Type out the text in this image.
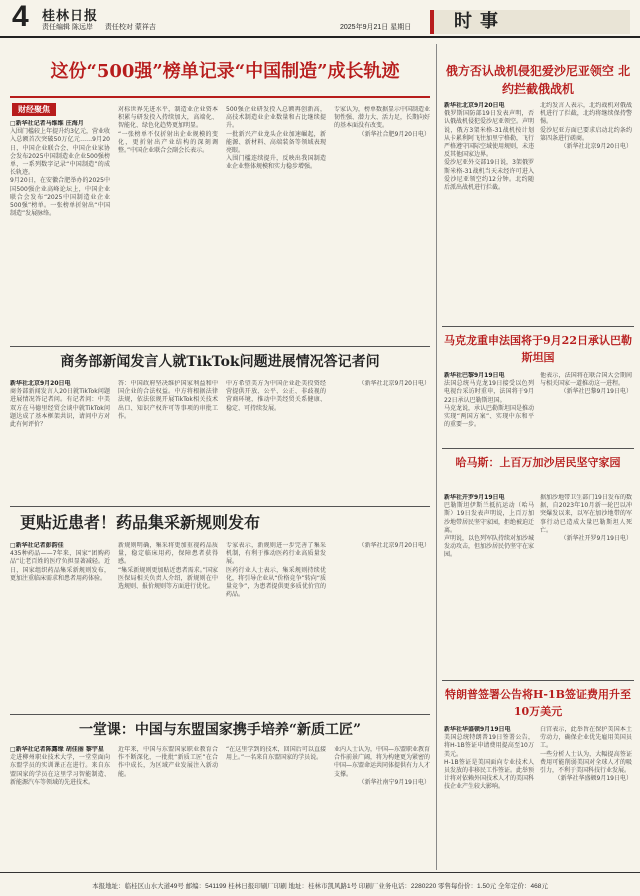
4 桂林日报
责任编辑 陈远岸 责任校对 蒙祥吉	2025年9月21日 星期日	时事
这份“500强”榜单记录“中国制造”成长轨迹
财经聚焦
□新华社记者马维维 庄海月

入围门槛较上年提升约3亿元，营业收入总额首次突破50万亿元……9月20日，中国企业联合会、中国企业家协会发布2025中国制造业企业500强榜单，一系列数字记录“中国制造”的成长轨迹。

9月20日，在安徽合肥举办的2025中国500强企业高峰论坛上，中国企业联合会发布“2025中国制造业企业500强”榜单。一张榜单折射出“中国制造”发展脉络。

对标世界先进水平，制造业企业资本积累与研发投入持续加大，高端化、智能化、绿色化趋势更加明显。

“一张榜单不仅折射出企业规模的变化，更折射出产业结构的深刻调整。”中国企业联合会副会长表示。

500强企业研发投入总额再创新高，高技术制造业企业数量和占比继续提升。

一批新兴产业龙头企业加速崛起，新能源、新材料、高端装备等领域表现亮眼。

入围门槛连续提升，反映出我国制造业企业整体规模和实力稳步增强。

专家认为，榜单数据显示中国制造业韧性强、潜力大、活力足，长期向好的基本面没有改变。

（新华社合肥9月20日电）

俄方否认战机侵犯爱沙尼亚领空 北约拦截俄战机
新华社北京9月20日电

俄罗斯国防部19日发表声明，否认俄战机侵犯爱沙尼亚领空。声明说，俄方3架米格-31战机按计划从卡累利阿飞往加里宁格勒，飞行严格遵守国际空域使用规则，未违反其他国家边界。

爱沙尼亚外交部19日说，3架俄罗斯米格-31战机当天未经许可进入爱沙尼亚领空约12分钟。北约随后派出战机进行拦截。

北约发言人表示，北约战机对俄战机进行了拦截，北约将继续保持警惕。

爱沙尼亚方面已要求启动北约条约第四条进行磋商。

（新华社北京9月20日电）

马克龙重申法国将于9月22日承认巴勒斯坦国
新华社巴黎9月19日电

法国总统马克龙19日接受以色列电视台采访时重申，法国将于9月22日承认巴勒斯坦国。

马克龙说，承认巴勒斯坦国是推动实现“两国方案”、实现中东和平的重要一步。

他表示，法国将在联合国大会期间与相关国家一道推动这一进程。

（新华社巴黎9月19日电）

哈马斯：上百万加沙居民坚守家园
新华社开罗9月19日电

巴勒斯坦伊斯兰抵抗运动（哈马斯）19日发表声明说，上百万加沙地带居民坚守家园，拒绝被迫迁离。

声明说，以色列军队持续对加沙城发动攻击，但加沙居民仍坚守在家园。

据加沙地带卫生部门19日发布的数据，自2023年10月新一轮巴以冲突爆发以来，以军在加沙地带的军事行动已造成大量巴勒斯坦人死亡。

（新华社开罗9月19日电）

特朗普签署公告将H-1B签证费用升至10万美元
新华社华盛顿9月19日电

美国总统特朗普19日签署公告，将H-1B签证申请费用提高至10万美元。

H-1B签证是美国面向专业技术人员发放的非移民工作签证。此举预计将对依赖外国技术人才的美国科技企业产生较大影响。

白宫表示，此举旨在保护美国本土劳动力，确保企业优先雇用美国员工。

一些分析人士认为，大幅提高签证费用可能削弱美国对全球人才的吸引力，不利于美国科技行业发展。

（新华社华盛顿9月19日电）

商务部新闻发言人就TikTok问题进展情况答记者问
新华社北京9月20日电

商务部新闻发言人20日就TikTok问题进展情况答记者问。有记者问：中美双方在马德里经贸会谈中就TikTok问题达成了基本框架共识，请问中方对此有何评价？

答：中国政府坚决维护国家利益和中国企业的合法权益。中方将根据法律法规，依法依规开展TikTok相关技术出口、知识产权许可等事项的审批工作。

中方希望美方为中国企业赴美投资经营提供开放、公平、公正、非歧视的营商环境，推动中美经贸关系健康、稳定、可持续发展。

（新华社北京9月20日电）

更贴近患者！药品集采新规则发布
□新华社记者彭韵佳

435种药品——7年来，国家“团购药品”让老百姓的医疗负担显著减轻。近日，国家组织药品集采新规则发布，更加注重临床需求和患者用药体验。

新规则明确，集采将更加重视药品质量，稳定临床用药，保障患者获得感。

“集采新规则更加贴近患者需求。”国家医保局相关负责人介绍，新规则在中选规则、报价规则等方面进行优化。

专家表示，新规则进一步完善了集采机制，有利于推动医药行业高质量发展。

医药行业人士表示，集采规则持续优化，将引导企业从“价格竞争”转向“质量竞争”，为患者提供更多质优价宜的药品。

（新华社北京9月20日电）

一堂课：中国与东盟国家携手培养“新质工匠”
□新华社记者陈露缘 胡佳丽 黎宇星

走进柳州职业技术大学，一堂堂面向东盟学员的实训课正在进行。来自东盟国家的学员在这里学习智能制造、新能源汽车等领域的先进技术。

近年来，中国与东盟国家职业教育合作不断深化，一批批“新质工匠”在合作中成长，为区域产业发展注入新动能。

“在这里学到的技术，回国后可以直接用上。”一名来自东盟国家的学员说。

业内人士认为，中国—东盟职业教育合作前景广阔，将为构建更为紧密的中国—东盟命运共同体提供有力人才支撑。

（新华社南宁9月19日电）

本报地址：临桂区山水大道49号 邮编：541199 桂林日报印刷厂印刷 地址：桂林市凯风路1号 印刷厂业务电话：2280220 零售每份价：1.50元 全年定价：468元
